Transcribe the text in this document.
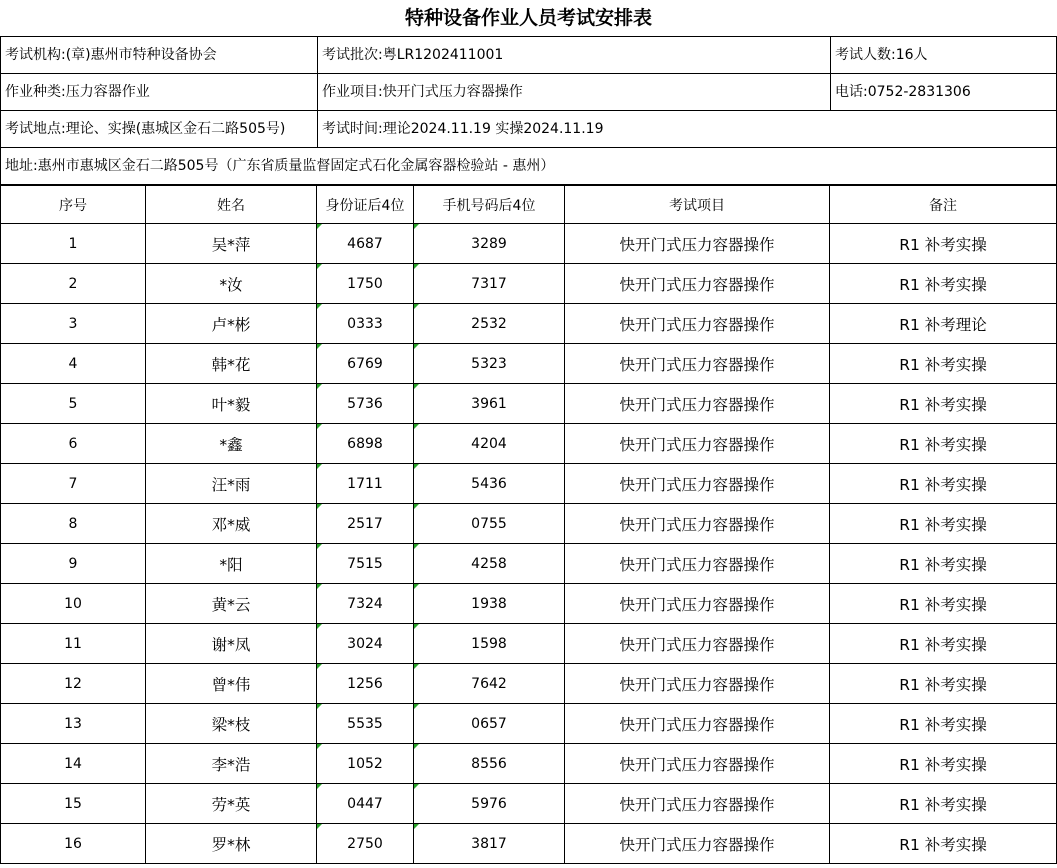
特种设备作业人员考试安排表
考试机构:(章)惠州市特种设备协会	考试批次:粤LR1202411001	考试人数:16人
作业种类:压力容器作业	作业项目:快开门式压力容器操作	电话:0752-2831306
考试地点:理论、实操(惠城区金石二路505号)	考试时间:理论2024.11.19 实操2024.11.19
地址:惠州市惠城区金石二路505号（广东省质量监督固定式石化金属容器检验站 - 惠州）
序号	姓名	身份证后4位	手机号码后4位	考试项目	备注
1	吴*萍	4687	3289	快开门式压力容器操作	R1 补考实操
2	*汝	1750	7317	快开门式压力容器操作	R1 补考实操
3	卢*彬	0333	2532	快开门式压力容器操作	R1 补考理论
4	韩*花	6769	5323	快开门式压力容器操作	R1 补考实操
5	叶*毅	5736	3961	快开门式压力容器操作	R1 补考实操
6	*鑫	6898	4204	快开门式压力容器操作	R1 补考实操
7	汪*雨	1711	5436	快开门式压力容器操作	R1 补考实操
8	邓*威	2517	0755	快开门式压力容器操作	R1 补考实操
9	*阳	7515	4258	快开门式压力容器操作	R1 补考实操
10	黄*云	7324	1938	快开门式压力容器操作	R1 补考实操
11	谢*凤	3024	1598	快开门式压力容器操作	R1 补考实操
12	曾*伟	1256	7642	快开门式压力容器操作	R1 补考实操
13	梁*枝	5535	0657	快开门式压力容器操作	R1 补考实操
14	李*浩	1052	8556	快开门式压力容器操作	R1 补考实操
15	劳*英	0447	5976	快开门式压力容器操作	R1 补考实操
16	罗*林	2750	3817	快开门式压力容器操作	R1 补考实操
